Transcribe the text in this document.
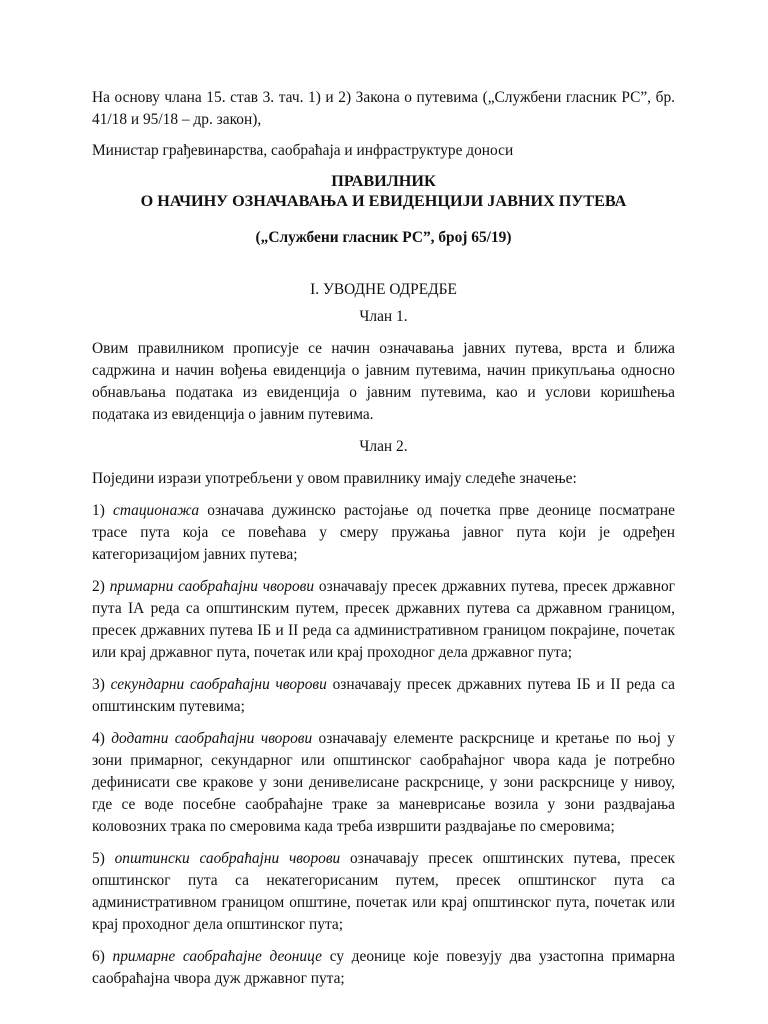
На основу члана 15. став 3. тач. 1) и 2) Закона о путевима („Службени гласник РС”, бр. 41/18 и 95/18 – др. закон),

Министар грађевинарства, саобраћаја и инфраструктуре доноси

ПРАВИЛНИК

О НАЧИНУ ОЗНАЧАВАЊА И ЕВИДЕНЦИЈИ ЈАВНИХ ПУТЕВА

(„Службени гласник РС”, број 65/19)

I. УВОДНЕ ОДРЕДБЕ

Члан 1.

Овим правилником прописује се начин означавања јавних путева, врста и ближа садржина и начин вођења евиденција о јавним путевима, начин прикупљања односно обнављања података из евиденција о јавним путевима, као и услови коришћења података из евиденција о јавним путевима.

Члан 2.

Поједини изрази употребљени у овом правилнику имају следеће значење:

1) стационажа означава дужинско растојање од почетка прве деонице посматране трасе пута која се повећава у смеру пружања јавног пута који је одређен категоризацијом јавних путева;

2) примарни саобраћајни чворови означавају пресек државних путева, пресек државног пута IА реда са општинским путем, пресек државних путева са државном границом, пресек државних путева IБ и II реда са административном границом покрајине, почетак или крај државног пута, почетак или крај проходног дела државног пута;

3) секундарни саобраћајни чворови означавају пресек државних путева IБ и II реда са општинским путевима;

4) додатни саобраћајни чворови означавају елементе раскрснице и кретање по њој у зони примарног, секундарног или општинског саобраћајног чвора када је потребно дефинисати све кракове у зони денивелисане раскрснице, у зони раскрснице у нивоу, где се воде посебне саобраћајне траке за маневрисање возила у зони раздвајања коловозних трака по смеровима када треба извршити раздвајање по смеровима;

5) општински саобраћајни чворови означавају пресек општинских путева, пресек општинског пута са некатегорисаним путем, пресек општинског пута са административном границом општине, почетак или крај општинског пута, почетак или крај проходног дела општинског пута;

6) примарне саобраћајне деонице су деонице које повезују два узастопна примарна саобраћајна чвора дуж државног пута;
